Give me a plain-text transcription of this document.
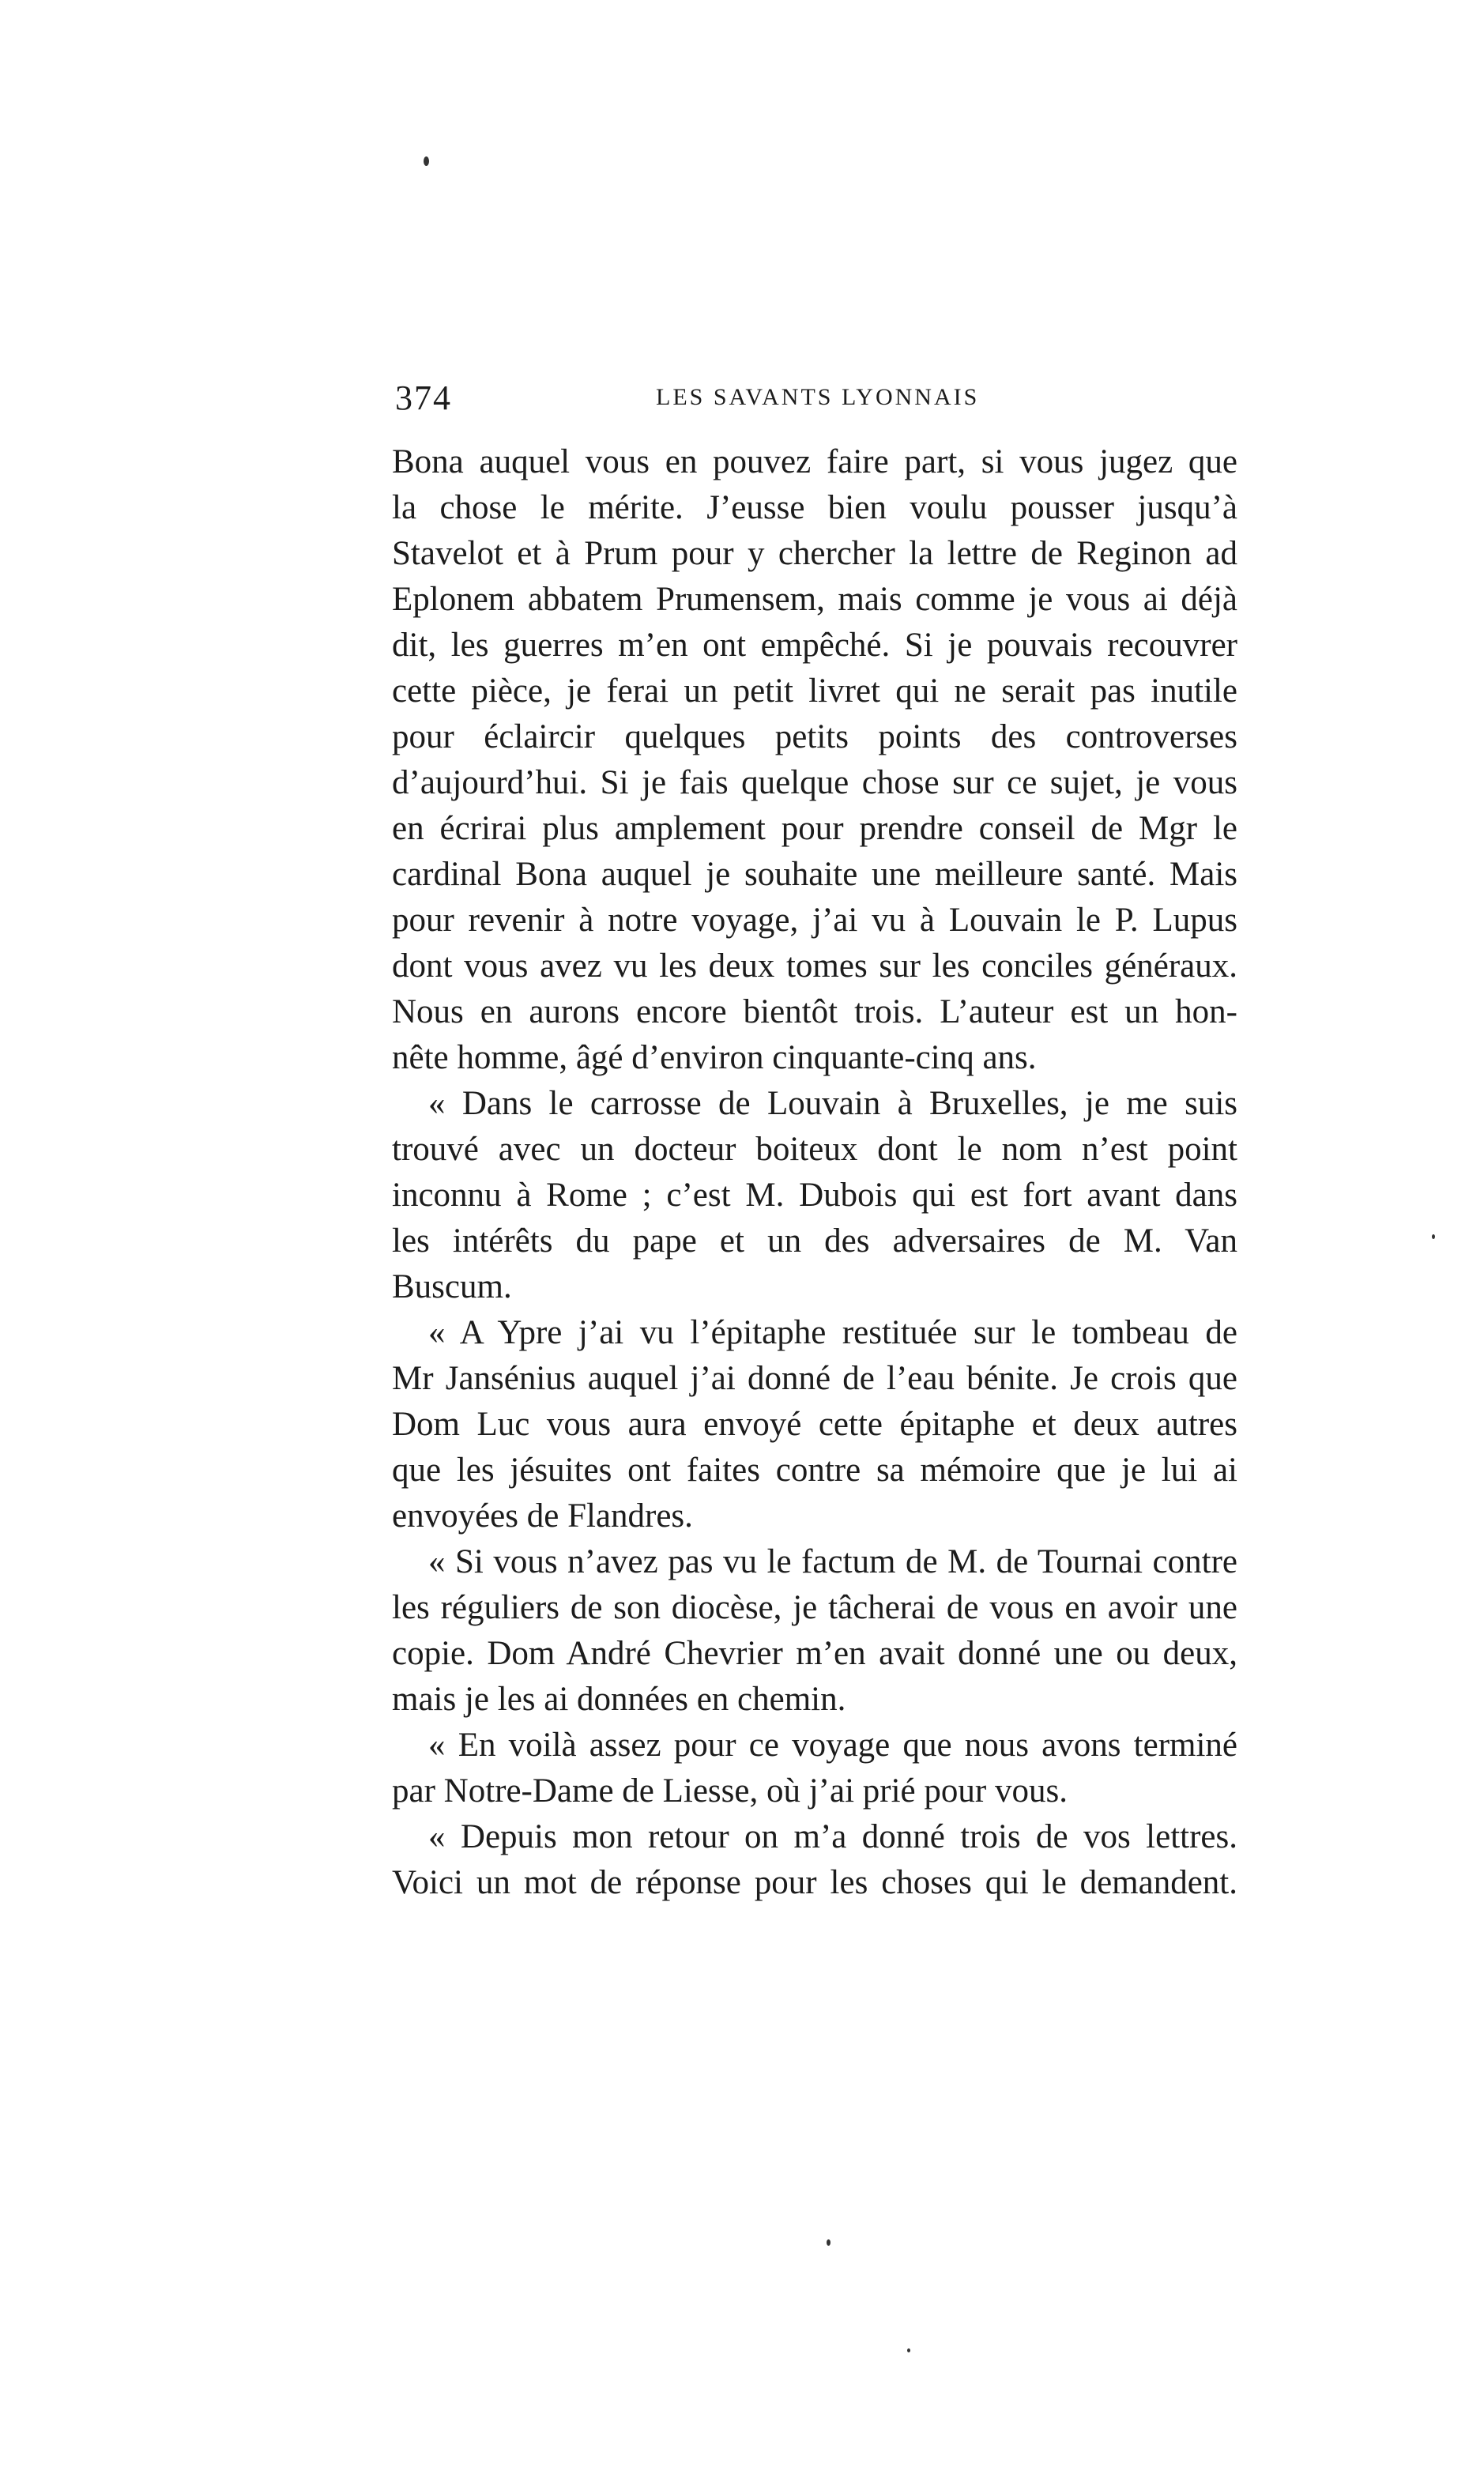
374	LES SAVANTS LYONNAIS
Bona auquel vous en pouvez faire part, si vous jugez que
la chose le mérite. J’eusse bien voulu pousser jusqu’à
Stavelot et à Prum pour y chercher la lettre de Reginon ad
Eplonem abbatem Prumensem, mais comme je vous ai déjà
dit, les guerres m’en ont empêché. Si je pouvais recouvrer
cette pièce, je ferai un petit livret qui ne serait pas inutile
pour éclaircir quelques petits points des controverses
d’aujourd’hui. Si je fais quelque chose sur ce sujet, je vous
en écrirai plus amplement pour prendre conseil de Mgr le
cardinal Bona auquel je souhaite une meilleure santé. Mais
pour revenir à notre voyage, j’ai vu à Louvain le P. Lupus
dont vous avez vu les deux tomes sur les conciles généraux.
Nous en aurons encore bientôt trois. L’auteur est un hon-
nête homme, âgé d’environ cinquante-cinq ans.
« Dans le carrosse de Louvain à Bruxelles, je me suis
trouvé avec un docteur boiteux dont le nom n’est point
inconnu à Rome ; c’est M. Dubois qui est fort avant dans
les intérêts du pape et un des adversaires de M. Van
Buscum.
« A Ypre j’ai vu l’épitaphe restituée sur le tombeau de
Mr Jansénius auquel j’ai donné de l’eau bénite. Je crois que
Dom Luc vous aura envoyé cette épitaphe et deux autres
que les jésuites ont faites contre sa mémoire que je lui ai
envoyées de Flandres.
« Si vous n’avez pas vu le factum de M. de Tournai contre
les réguliers de son diocèse, je tâcherai de vous en avoir une
copie. Dom André Chevrier m’en avait donné une ou deux,
mais je les ai données en chemin.
« En voilà assez pour ce voyage que nous avons terminé
par Notre-Dame de Liesse, où j’ai prié pour vous.
« Depuis mon retour on m’a donné trois de vos lettres.
Voici un mot de réponse pour les choses qui le demandent.
